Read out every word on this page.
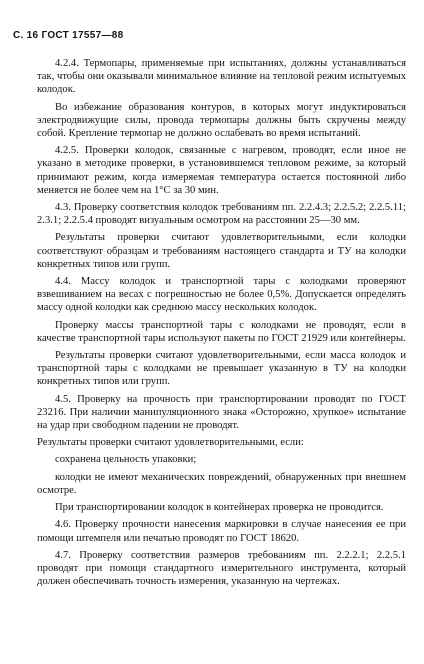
С. 16 ГОСТ 17557—88

4.2.4. Термопары, применяемые при испытаниях, должны устанавливаться так, чтобы они оказывали минимальное влияние на тепловой режим испытуемых колодок.

Во избежание образования контуров, в которых могут индуктироваться электродвижущие силы, провода термопары должны быть скручены между собой. Крепление термопар не должно ослабевать во время испытаний.

4.2.5. Проверки колодок, связанные с нагревом, проводят, если иное не указано в методике проверки, в установившемся тепловом режиме, за который принимают режим, когда измеряемая температура остается постоянной либо меняется не более чем на 1°С за 30 мин.

4.3. Проверку соответствия колодок требованиям пп. 2.2.4.3; 2.2.5.2; 2.2.5.11; 2.3.1; 2.2.5.4 проводят визуальным осмотром на расстоянии 25—30 мм.

Результаты проверки считают удовлетворительными, если колодки соответствуют образцам и требованиям настоящего стандарта и ТУ на колодки конкретных типов или групп.

4.4. Массу колодок и транспортной тары с колодками проверяют взвешиванием на весах с погрешностью не более 0,5%. Допускается определять массу одной колодки как среднюю массу нескольких колодок.

Проверку массы транспортной тары с колодками не проводят, если в качестве транспортной тары используют пакеты по ГОСТ 21929 или контейнеры.

Результаты проверки считают удовлетворительными, если масса колодок и транспортной тары с колодками не превышает указанную в ТУ на колодки конкретных типов или групп.

4.5. Проверку на прочность при транспортировании проводят по ГОСТ 23216. При наличии манипуляционного знака «Осторожно, хрупкое» испытание на удар при свободном падении не проводят.

Результаты проверки считают удовлетворительными, если:

сохранена цельность упаковки;

колодки не имеют механических повреждений, обнаруженных при внешнем осмотре.

При транспортировании колодок в контейнерах проверка не проводится.

4.6. Проверку прочности нанесения маркировки в случае нанесения ее при помощи штемпеля или печатью проводят по ГОСТ 18620.

4.7. Проверку соответствия размеров требованиям пп. 2.2.2.1; 2.2.5.1 проводят при помощи стандартного измерительного инструмента, который должен обеспечивать точность измерения, указанную на чертежах.
